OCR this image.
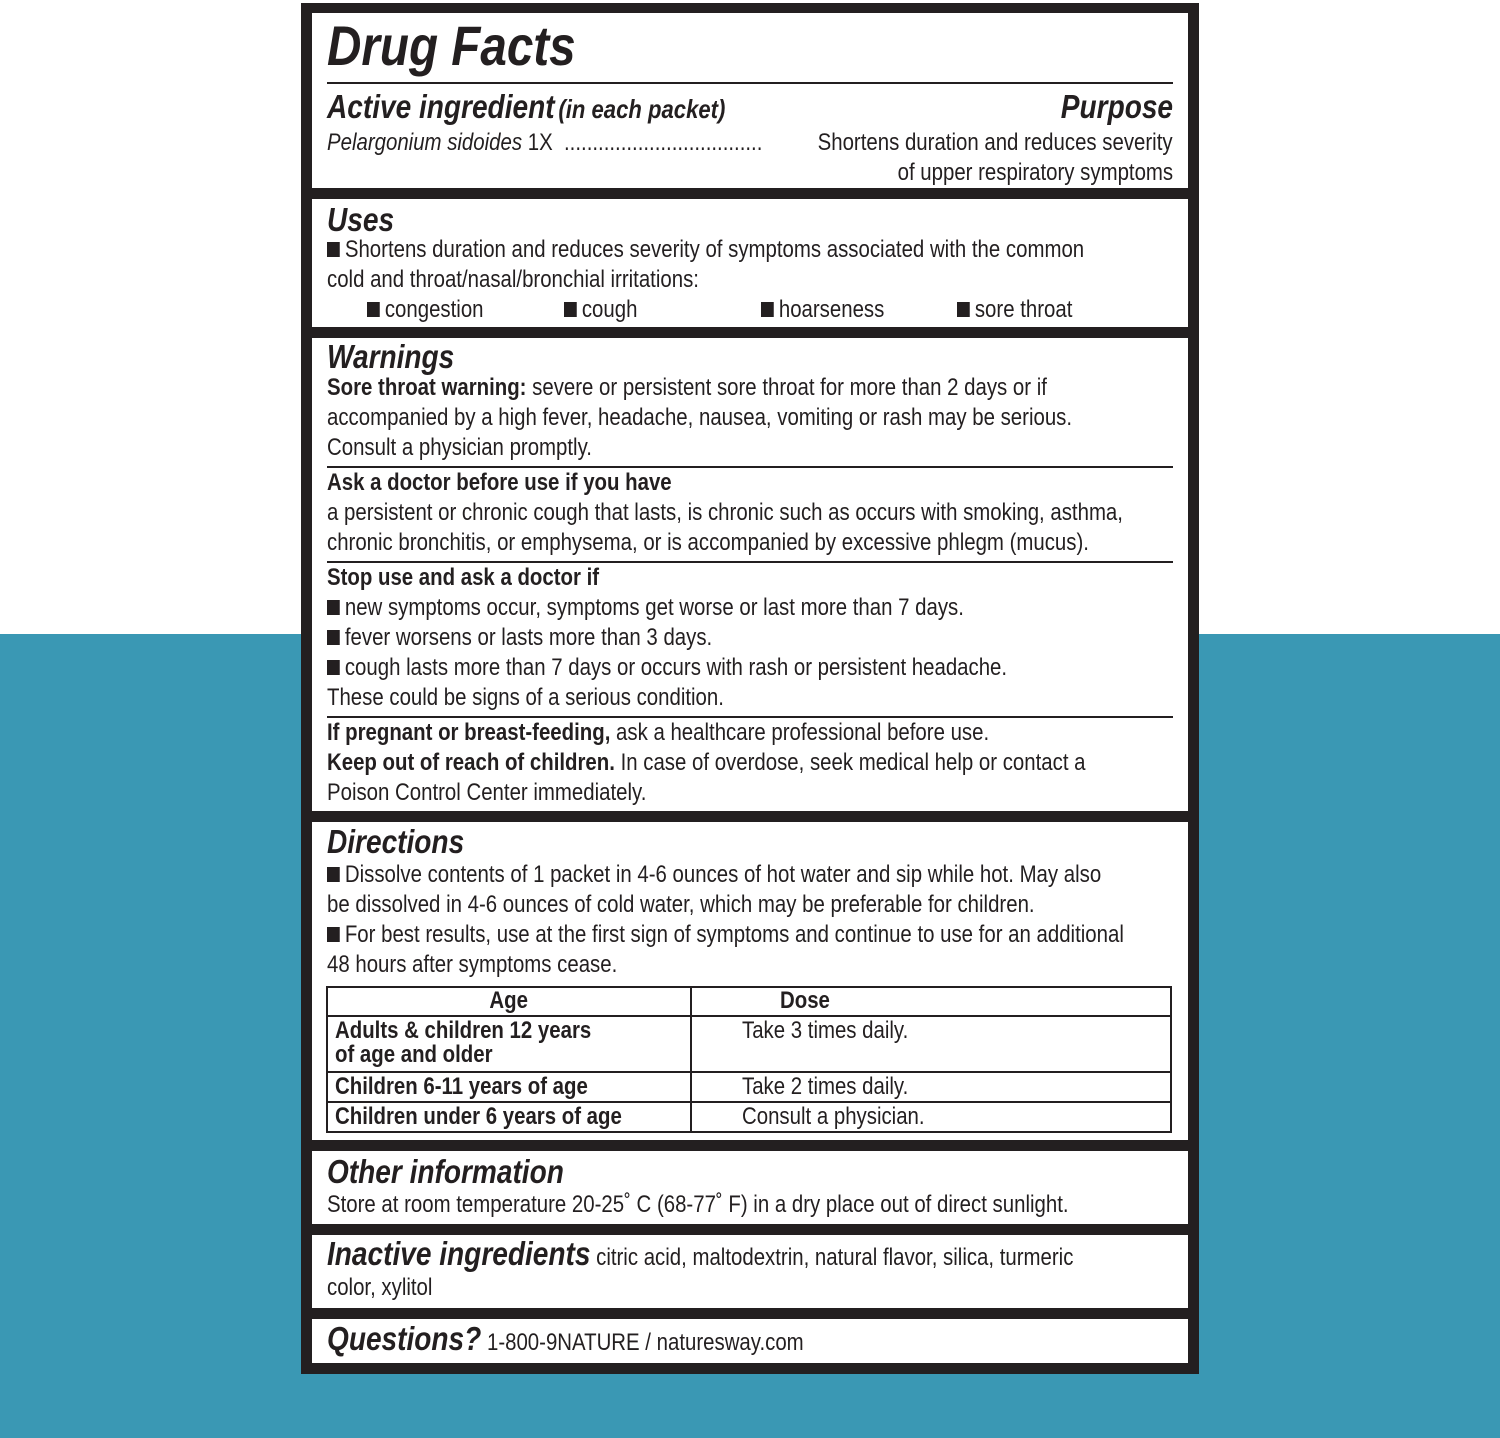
Drug Facts
Active ingredient (in each packet)	Purpose
Pelargonium sidoides 1X ...................................	Shortens duration and reduces severity
of upper respiratory symptoms
Uses
Shortens duration and reduces severity of symptoms associated with the common
cold and throat/nasal/bronchial irritations:
congestion	cough	hoarseness	sore throat
Warnings
Sore throat warning: severe or persistent sore throat for more than 2 days or if
accompanied by a high fever, headache, nausea, vomiting or rash may be serious.
Consult a physician promptly.
Ask a doctor before use if you have
a persistent or chronic cough that lasts, is chronic such as occurs with smoking, asthma,
chronic bronchitis, or emphysema, or is accompanied by excessive phlegm (mucus).
Stop use and ask a doctor if
new symptoms occur, symptoms get worse or last more than 7 days.
fever worsens or lasts more than 3 days.
cough lasts more than 7 days or occurs with rash or persistent headache.
These could be signs of a serious condition.
If pregnant or breast-feeding, ask a healthcare professional before use.
Keep out of reach of children. In case of overdose, seek medical help or contact a
Poison Control Center immediately.
Directions
Dissolve contents of 1 packet in 4-6 ounces of hot water and sip while hot. May also
be dissolved in 4-6 ounces of cold water, which may be preferable for children.
For best results, use at the first sign of symptoms and continue to use for an additional
48 hours after symptoms cease.
Age	Dose

Adults & children 12 years
of age and older	Take 3 times daily.
Children 6-11 years of age	Take 2 times daily.
Children under 6 years of age	Consult a physician.
Other information
Store at room temperature 20-25˚ C (68-77˚ F) in a dry place out of direct sunlight.
Inactive ingredients citric acid, maltodextrin, natural flavor, silica, turmeric
color, xylitol
Questions? 1-800-9NATURE / naturesway.com
